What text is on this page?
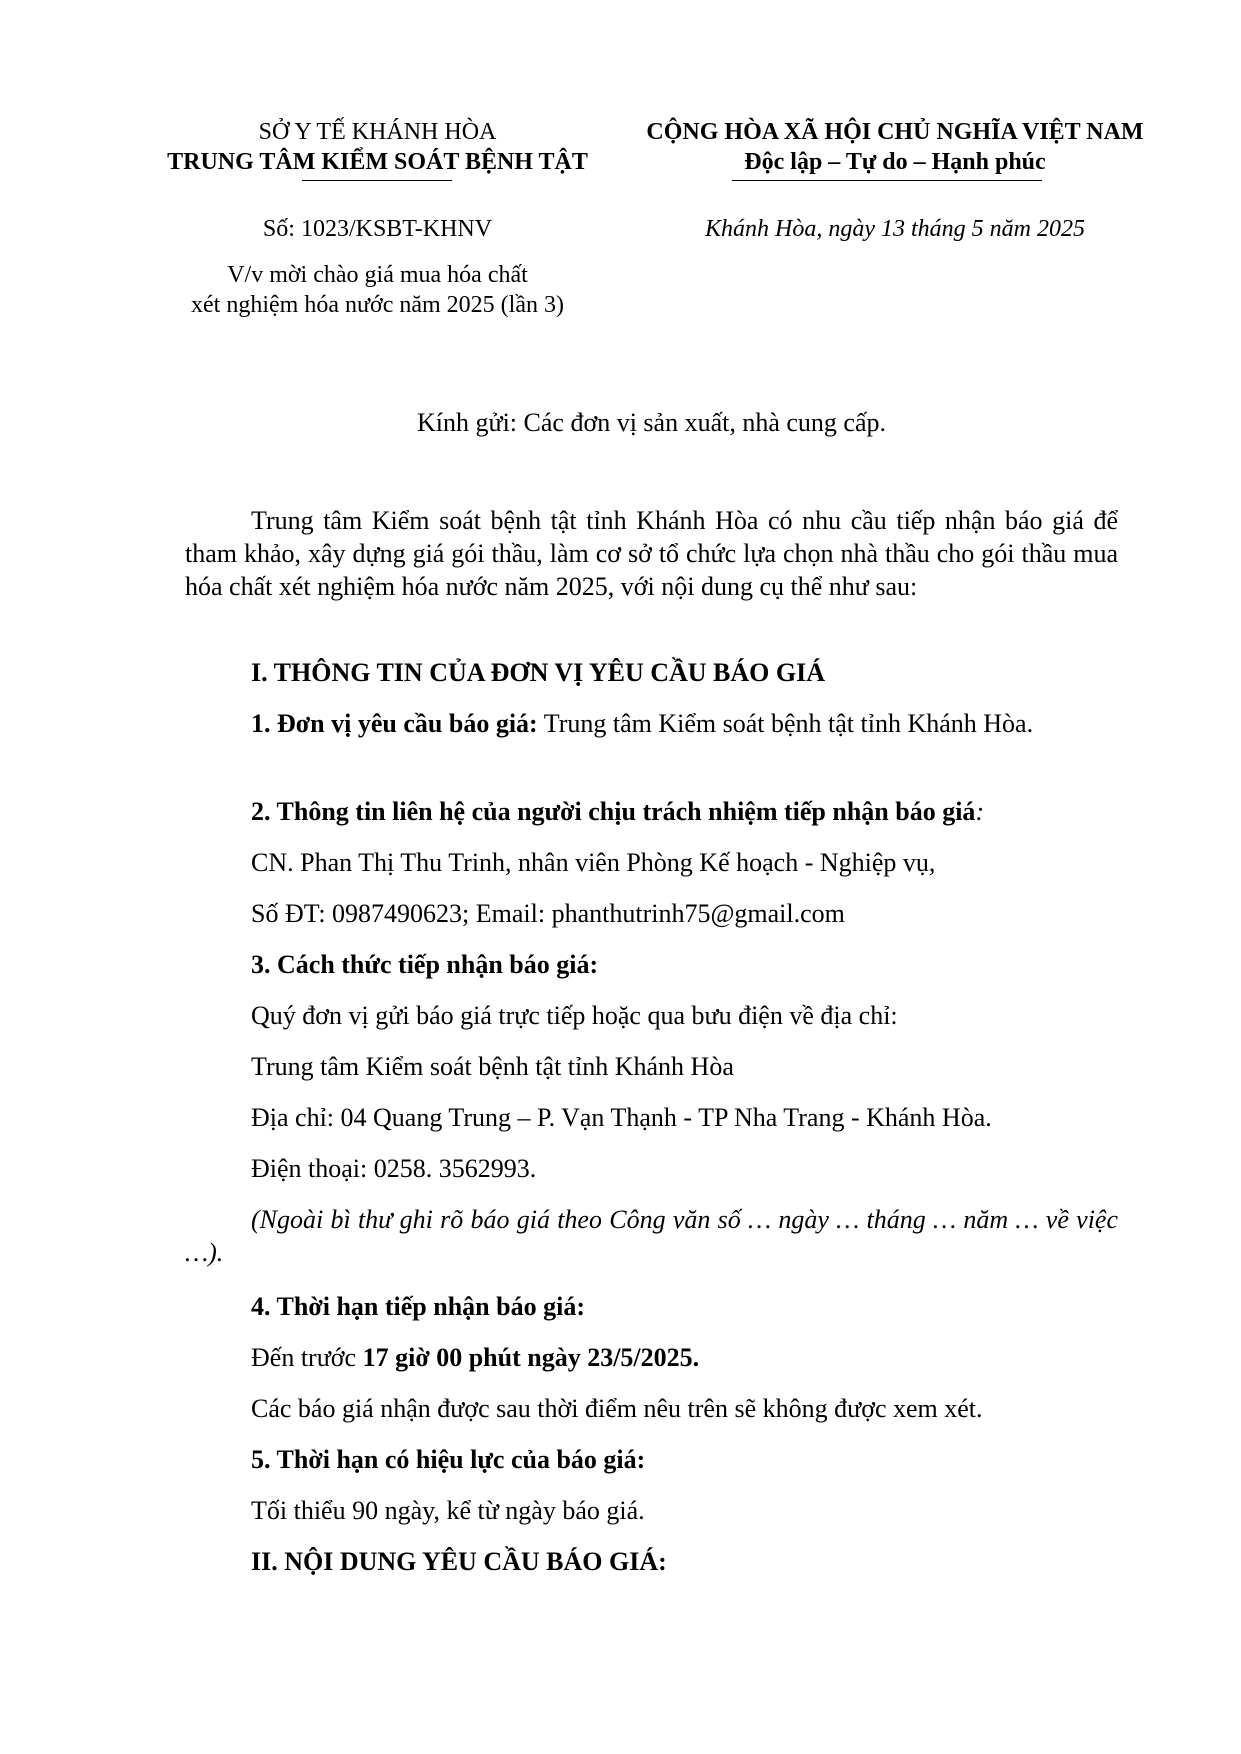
SỞ Y TẾ KHÁNH HÒA
TRUNG TÂM KIỂM SOÁT BỆNH TẬT
CỘNG HÒA XÃ HỘI CHỦ NGHĨA VIỆT NAM
Độc lập – Tự do – Hạnh phúc
Số: 1023/KSBT-KHNV	Khánh Hòa, ngày 13 tháng 5 năm 2025
V/v mời chào giá mua hóa chất
xét nghiệm hóa nước năm 2025 (lần 3)
Kính gửi: Các đơn vị sản xuất, nhà cung cấp.
Trung tâm Kiểm soát bệnh tật tỉnh Khánh Hòa có nhu cầu tiếp nhận báo giá để tham khảo, xây dựng giá gói thầu, làm cơ sở tổ chức lựa chọn nhà thầu cho gói thầu mua hóa chất xét nghiệm hóa nước năm 2025, với nội dung cụ thể như sau:
I. THÔNG TIN CỦA ĐƠN VỊ YÊU CẦU BÁO GIÁ
1. Đơn vị yêu cầu báo giá: Trung tâm Kiểm soát bệnh tật tỉnh Khánh Hòa.
2. Thông tin liên hệ của người chịu trách nhiệm tiếp nhận báo giá:
CN. Phan Thị Thu Trinh, nhân viên Phòng Kế hoạch - Nghiệp vụ,
Số ĐT: 0987490623; Email: phanthutrinh75@gmail.com
3. Cách thức tiếp nhận báo giá:
Quý đơn vị gửi báo giá trực tiếp hoặc qua bưu điện về địa chỉ:
Trung tâm Kiểm soát bệnh tật tỉnh Khánh Hòa
Địa chỉ: 04 Quang Trung – P. Vạn Thạnh - TP Nha Trang - Khánh Hòa.
Điện thoại: 0258. 3562993.
(Ngoài bì thư ghi rõ báo giá theo Công văn số … ngày … tháng … năm … về việc …).
4. Thời hạn tiếp nhận báo giá:
Đến trước 17 giờ 00 phút ngày 23/5/2025.
Các báo giá nhận được sau thời điểm nêu trên sẽ không được xem xét.
5. Thời hạn có hiệu lực của báo giá:
Tối thiểu 90 ngày, kể từ ngày báo giá.
II. NỘI DUNG YÊU CẦU BÁO GIÁ:
